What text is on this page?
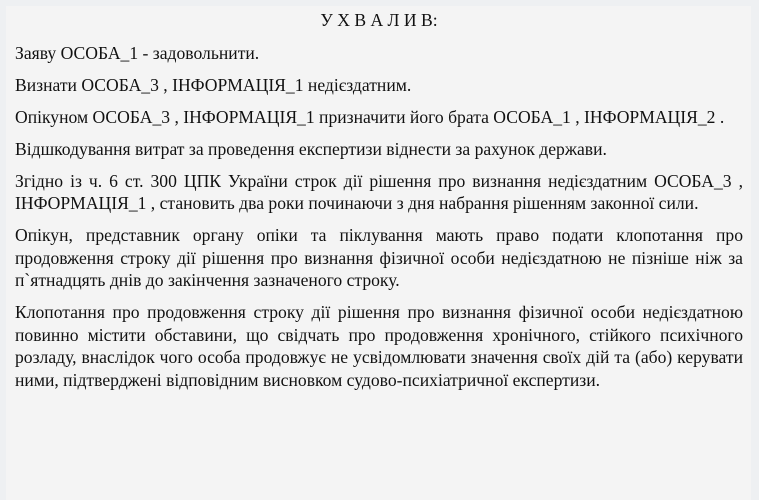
У Х В А Л И В:

Заяву ОСОБА_1 - задовольнити.

Визнати ОСОБА_3 , ІНФОРМАЦІЯ_1 недієздатним.

Опікуном ОСОБА_3 , ІНФОРМАЦІЯ_1 призначити його брата ОСОБА_1 , ІНФОРМАЦІЯ_2 .

Відшкодування витрат за проведення експертизи віднести за рахунок держави.

Згідно із ч. 6 ст. 300 ЦПК України строк дії рішення про визнання недієздатним ОСОБА_3 , ІНФОРМАЦІЯ_1 , становить два роки починаючи з дня набрання рішенням законної сили.

Опікун, представник органу опіки та піклування мають право подати клопотання про продовження строку дії рішення про визнання фізичної особи недієздатною не пізніше ніж за п`ятнадцять днів до закінчення зазначеного строку.

Клопотання про продовження строку дії рішення про визнання фізичної особи недієздатною повинно містити обставини, що свідчать про продовження хронічного, стійкого психічного розладу, внаслідок чого особа продовжує не усвідомлювати значення своїх дій та (або) керувати ними, підтверджені відповідним висновком судово-психіатричної експертизи.
